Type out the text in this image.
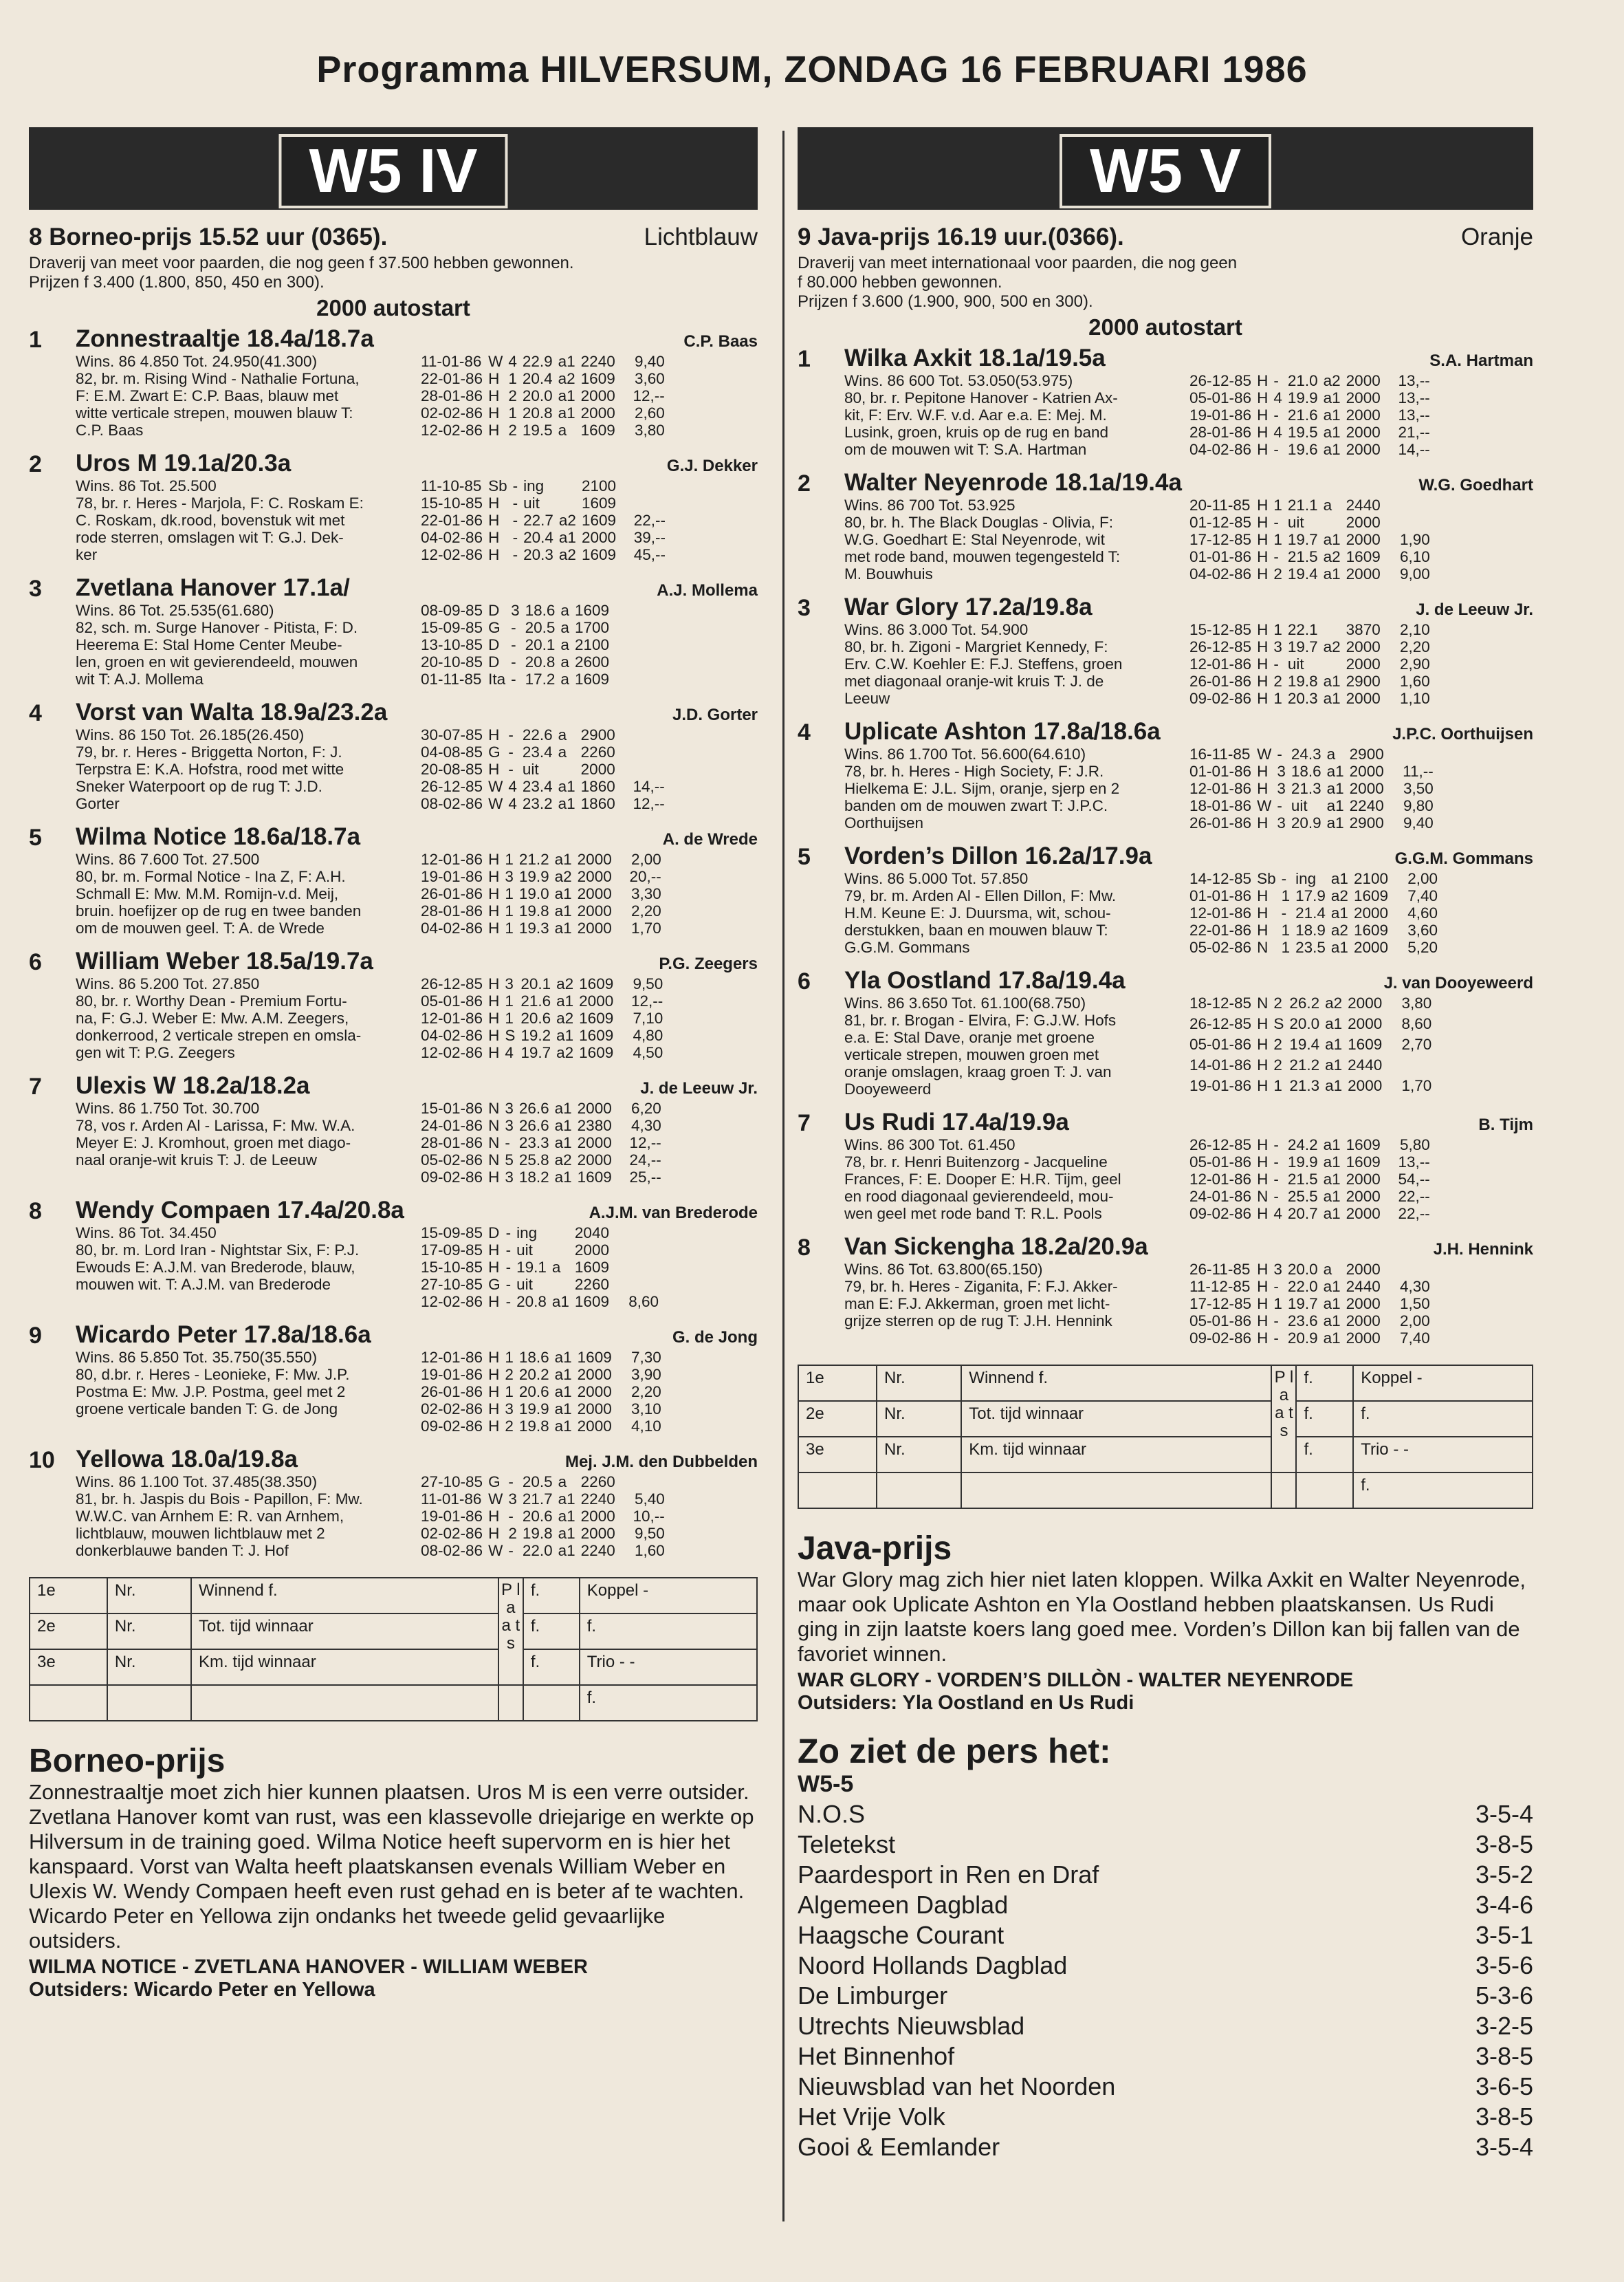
Programma HILVERSUM, ZONDAG 16 FEBRUARI 1986
W5 IV
8 Borneo-prijs 15.52 uur (0365).	Lichtblauw
Draverij van meet voor paarden, die nog geen f 37.500 hebben gewonnen.
Prijzen f 3.400 (1.800, 850, 450 en 300).
2000 autostart
1	Zonnestraaltje 18.4a/18.7a	C.P. Baas
Wins. 86 4.850 Tot. 24.950(41.300)
82, br. m. Rising Wind - Nathalie Fortuna,
F: E.M. Zwart E: C.P. Baas, blauw met
witte verticale strepen, mouwen blauw T:
C.P. Baas
11-01-86	W	4	22.9	a1	2240	9,40
22-01-86	H	1	20.4	a2	1609	3,60
28-01-86	H	2	20.0	a1	2000	12,--
02-02-86	H	1	20.8	a1	2000	2,60
12-02-86	H	2	19.5	a	1609	3,80
2	Uros M 19.1a/20.3a	G.J. Dekker
Wins. 86 Tot. 25.500
78, br. r. Heres - Marjola, F: C. Roskam E:
C. Roskam, dk.rood, bovenstuk wit met
rode sterren, omslagen wit T: G.J. Dek-
ker
11-10-85	Sb	-	ing		2100	
15-10-85	H	-	uit		1609	
22-01-86	H	-	22.7	a2	1609	22,--
04-02-86	H	-	20.4	a1	2000	39,--
12-02-86	H	-	20.3	a2	1609	45,--
3	Zvetlana Hanover 17.1a/	A.J. Mollema
Wins. 86 Tot. 25.535(61.680)
82, sch. m. Surge Hanover - Pitista, F: D.
Heerema E: Stal Home Center Meube-
len, groen en wit gevierendeeld, mouwen
wit T: A.J. Mollema
08-09-85	D	3	18.6	a	1609	
15-09-85	G	-	20.5	a	1700	
13-10-85	D	-	20.1	a	2100	
20-10-85	D	-	20.8	a	2600	
01-11-85	Ita	-	17.2	a	1609	
4	Vorst van Walta 18.9a/23.2a	J.D. Gorter
Wins. 86 150 Tot. 26.185(26.450)
79, br. r. Heres - Briggetta Norton, F: J.
Terpstra E: K.A. Hofstra, rood met witte
Sneker Waterpoort op de rug T: J.D.
Gorter
30-07-85	H	-	22.6	a	2900	
04-08-85	G	-	23.4	a	2260	
20-08-85	H	-	uit		2000	
26-12-85	W	4	23.4	a1	1860	14,--
08-02-86	W	4	23.2	a1	1860	12,--
5	Wilma Notice 18.6a/18.7a	A. de Wrede
Wins. 86 7.600 Tot. 27.500
80, br. m. Formal Notice - Ina Z, F: A.H.
Schmall E: Mw. M.M. Romijn-v.d. Meij,
bruin. hoefijzer op de rug en twee banden
om de mouwen geel. T: A. de Wrede
12-01-86	H	1	21.2	a1	2000	2,00
19-01-86	H	3	19.9	a2	2000	20,--
26-01-86	H	1	19.0	a1	2000	3,30
28-01-86	H	1	19.8	a1	2000	2,20
04-02-86	H	1	19.3	a1	2000	1,70
6	William Weber 18.5a/19.7a	P.G. Zeegers
Wins. 86 5.200 Tot. 27.850
80, br. r. Worthy Dean - Premium Fortu-
na, F: G.J. Weber E: Mw. A.M. Zeegers,
donkerrood, 2 verticale strepen en omsla-
gen wit T: P.G. Zeegers
26-12-85	H	3	20.1	a2	1609	9,50
05-01-86	H	1	21.6	a1	2000	12,--
12-01-86	H	1	20.6	a2	1609	7,10
04-02-86	H	S	19.2	a1	1609	4,80
12-02-86	H	4	19.7	a2	1609	4,50
7	Ulexis W 18.2a/18.2a	J. de Leeuw Jr.
Wins. 86 1.750 Tot. 30.700
78, vos r. Arden Al - Larissa, F: Mw. W.A.
Meyer E: J. Kromhout, groen met diago-
naal oranje-wit kruis T: J. de Leeuw
15-01-86	N	3	26.6	a1	2000	6,20
24-01-86	N	3	26.6	a1	2380	4,30
28-01-86	N	-	23.3	a1	2000	12,--
05-02-86	N	5	25.8	a2	2000	24,--
09-02-86	H	3	18.2	a1	1609	25,--
8	Wendy Compaen 17.4a/20.8a	A.J.M. van Brederode
Wins. 86 Tot. 34.450
80, br. m. Lord Iran - Nightstar Six, F: P.J.
Ewouds E: A.J.M. van Brederode, blauw,
mouwen wit. T: A.J.M. van Brederode
15-09-85	D	-	ing		2040	
17-09-85	H	-	uit		2000	
15-10-85	H	-	19.1	a	1609	
27-10-85	G	-	uit		2260	
12-02-86	H	-	20.8	a1	1609	8,60
9	Wicardo Peter 17.8a/18.6a	G. de Jong
Wins. 86 5.850 Tot. 35.750(35.550)
80, d.br. r. Heres - Leonieke, F: Mw. J.P.
Postma E: Mw. J.P. Postma, geel met 2
groene verticale banden T: G. de Jong
12-01-86	H	1	18.6	a1	1609	7,30
19-01-86	H	2	20.2	a1	2000	3,90
26-01-86	H	1	20.6	a1	2000	2,20
02-02-86	H	3	19.9	a1	2000	3,10
09-02-86	H	2	19.8	a1	2000	4,10
10 Yellowa 18.0a/19.8a	Mej. J.M. den Dubbelden
Wins. 86 1.100 Tot. 37.485(38.350)
81, br. h. Jaspis du Bois - Papillon, F: Mw.
W.W.C. van Arnhem E: R. van Arnhem,
lichtblauw, mouwen lichtblauw met 2
donkerblauwe banden T: J. Hof
27-10-85	G	-	20.5	a	2260	
11-01-86	W	3	21.7	a1	2240	5,40
19-01-86	H	-	20.6	a1	2000	10,--
02-02-86	H	2	19.8	a1	2000	9,50
08-02-86	W	-	22.0	a1	2240	1,60
1e	Nr.	Winnend f.	P l a a t s	f.	Koppel -
2e	Nr.	Tot. tijd winnaar		f.	f.
3e	Nr.	Km. tijd winnaar		f.	Trio - -
					f.
Borneo-prijs
Zonnestraaltje moet zich hier kunnen plaatsen. Uros M is een verre outsider. Zvetlana Hanover komt van rust, was een klassevolle driejarige en werkte op Hilversum in de training goed. Wilma Notice heeft supervorm en is hier het kanspaard. Vorst van Walta heeft plaatskansen evenals William Weber en Ulexis W. Wendy Compaen heeft even rust gehad en is beter af te wachten. Wicardo Peter en Yellowa zijn ondanks het tweede gelid gevaarlijke outsiders.
WILMA NOTICE - ZVETLANA HANOVER - WILLIAM WEBER
Outsiders: Wicardo Peter en Yellowa
W5 V
9 Java-prijs 16.19 uur.(0366).	Oranje
Draverij van meet internationaal voor paarden, die nog geen
f 80.000 hebben gewonnen.
Prijzen f 3.600 (1.900, 900, 500 en 300).
2000 autostart
1	Wilka Axkit 18.1a/19.5a	S.A. Hartman
Wins. 86 600 Tot. 53.050(53.975)
80, br. r. Pepitone Hanover - Katrien Ax-
kit, F: Erv. W.F. v.d. Aar e.a. E: Mej. M.
Lusink, groen, kruis op de rug en band
om de mouwen wit T: S.A. Hartman
26-12-85	H	-	21.0	a2	2000	13,--
05-01-86	H	4	19.9	a1	2000	13,--
19-01-86	H	-	21.6	a1	2000	13,--
28-01-86	H	4	19.5	a1	2000	21,--
04-02-86	H	-	19.6	a1	2000	14,--
2	Walter Neyenrode 18.1a/19.4a	W.G. Goedhart
Wins. 86 700 Tot. 53.925
80, br. h. The Black Douglas - Olivia, F:
W.G. Goedhart E: Stal Neyenrode, wit
met rode band, mouwen tegengesteld T:
M. Bouwhuis
20-11-85	H	1	21.1	a	2440	
01-12-85	H	-	uit		2000	
17-12-85	H	1	19.7	a1	2000	1,90
01-01-86	H	-	21.5	a2	1609	6,10
04-02-86	H	2	19.4	a1	2000	9,00
3	War Glory 17.2a/19.8a	J. de Leeuw Jr.
Wins. 86 3.000 Tot. 54.900
80, br. h. Zigoni - Margriet Kennedy, F:
Erv. C.W. Koehler E: F.J. Steffens, groen
met diagonaal oranje-wit kruis T: J. de
Leeuw
15-12-85	H	1	22.1		3870	2,10
26-12-85	H	3	19.7	a2	2000	2,20
12-01-86	H	-	uit		2000	2,90
26-01-86	H	2	19.8	a1	2900	1,60
09-02-86	H	1	20.3	a1	2000	1,10
4	Uplicate Ashton 17.8a/18.6a	J.P.C. Oorthuijsen
Wins. 86 1.700 Tot. 56.600(64.610)
78, br. h. Heres - High Society, F: J.R.
Hielkema E: J.L. Sijm, oranje, sjerp en 2
banden om de mouwen zwart T: J.P.C.
Oorthuijsen
16-11-85	W	-	24.3	a	2900	
01-01-86	H	3	18.6	a1	2000	11,--
12-01-86	H	3	21.3	a1	2000	3,50
18-01-86	W	-	uit	a1	2240	9,80
26-01-86	H	3	20.9	a1	2900	9,40
5	Vorden’s Dillon 16.2a/17.9a	G.G.M. Gommans
Wins. 86 5.000 Tot. 57.850
79, br. m. Arden Al - Ellen Dillon, F: Mw.
H.M. Keune E: J. Duursma, wit, schou-
derstukken, baan en mouwen blauw T:
G.G.M. Gommans
14-12-85	Sb	-	ing	a1	2100	2,00
01-01-86	H	1	17.9	a2	1609	7,40
12-01-86	H	-	21.4	a1	2000	4,60
22-01-86	H	1	18.9	a2	1609	3,60
05-02-86	N	1	23.5	a1	2000	5,20
6	Yla Oostland 17.8a/19.4a	J. van Dooyeweerd
Wins. 86 3.650 Tot. 61.100(68.750)
81, br. r. Brogan - Elvira, F: G.J.W. Hofs
e.a. E: Stal Dave, oranje met groene
verticale strepen, mouwen groen met
oranje omslagen, kraag groen T: J. van
Dooyeweerd
18-12-85	N	2	26.2	a2	2000	3,80
26-12-85	H	S	20.0	a1	2000	8,60
05-01-86	H	2	19.4	a1	1609	2,70
14-01-86	H	2	21.2	a1	2440	
19-01-86	H	1	21.3	a1	2000	1,70
7	Us Rudi 17.4a/19.9a	B. Tijm
Wins. 86 300 Tot. 61.450
78, br. r. Henri Buitenzorg - Jacqueline
Frances, F: E. Dooper E: H.R. Tijm, geel
en rood diagonaal gevierendeeld, mou-
wen geel met rode band T: R.L. Pools
26-12-85	H	-	24.2	a1	1609	5,80
05-01-86	H	-	19.9	a1	1609	13,--
12-01-86	H	-	21.5	a1	2000	54,--
24-01-86	N	-	25.5	a1	2000	22,--
09-02-86	H	4	20.7	a1	2000	22,--
8	Van Sickengha 18.2a/20.9a	J.H. Hennink
Wins. 86 Tot. 63.800(65.150)
79, br. h. Heres - Ziganita, F: F.J. Akker-
man E: F.J. Akkerman, groen met licht-
grijze sterren op de rug T: J.H. Hennink
26-11-85	H	3	20.0	a	2000	
11-12-85	H	-	22.0	a1	2440	4,30
17-12-85	H	1	19.7	a1	2000	1,50
05-01-86	H	-	23.6	a1	2000	2,00
09-02-86	H	-	20.9	a1	2000	7,40
1e	Nr.	Winnend f.	P l a a t s	f.	Koppel -
2e	Nr.	Tot. tijd winnaar		f.	f.
3e	Nr.	Km. tijd winnaar		f.	Trio - -
					f.
Java-prijs
War Glory mag zich hier niet laten kloppen. Wilka Axkit en Walter Neyenrode, maar ook Uplicate Ashton en Yla Oostland hebben plaatskansen. Us Rudi ging in zijn laatste koers lang goed mee. Vorden’s Dillon kan bij fallen van de favoriet winnen.
WAR GLORY - VORDEN’S DILLÒN - WALTER NEYENRODE
Outsiders: Yla Oostland en Us Rudi
Zo ziet de pers het:
W5-5
N.O.S	3-5-4
Teletekst	3-8-5
Paardesport in Ren en Draf	3-5-2
Algemeen Dagblad	3-4-6
Haagsche Courant	3-5-1
Noord Hollands Dagblad	3-5-6
De Limburger	5-3-6
Utrechts Nieuwsblad	3-2-5
Het Binnenhof	3-8-5
Nieuwsblad van het Noorden	3-6-5
Het Vrije Volk	3-8-5
Gooi & Eemlander	3-5-4
